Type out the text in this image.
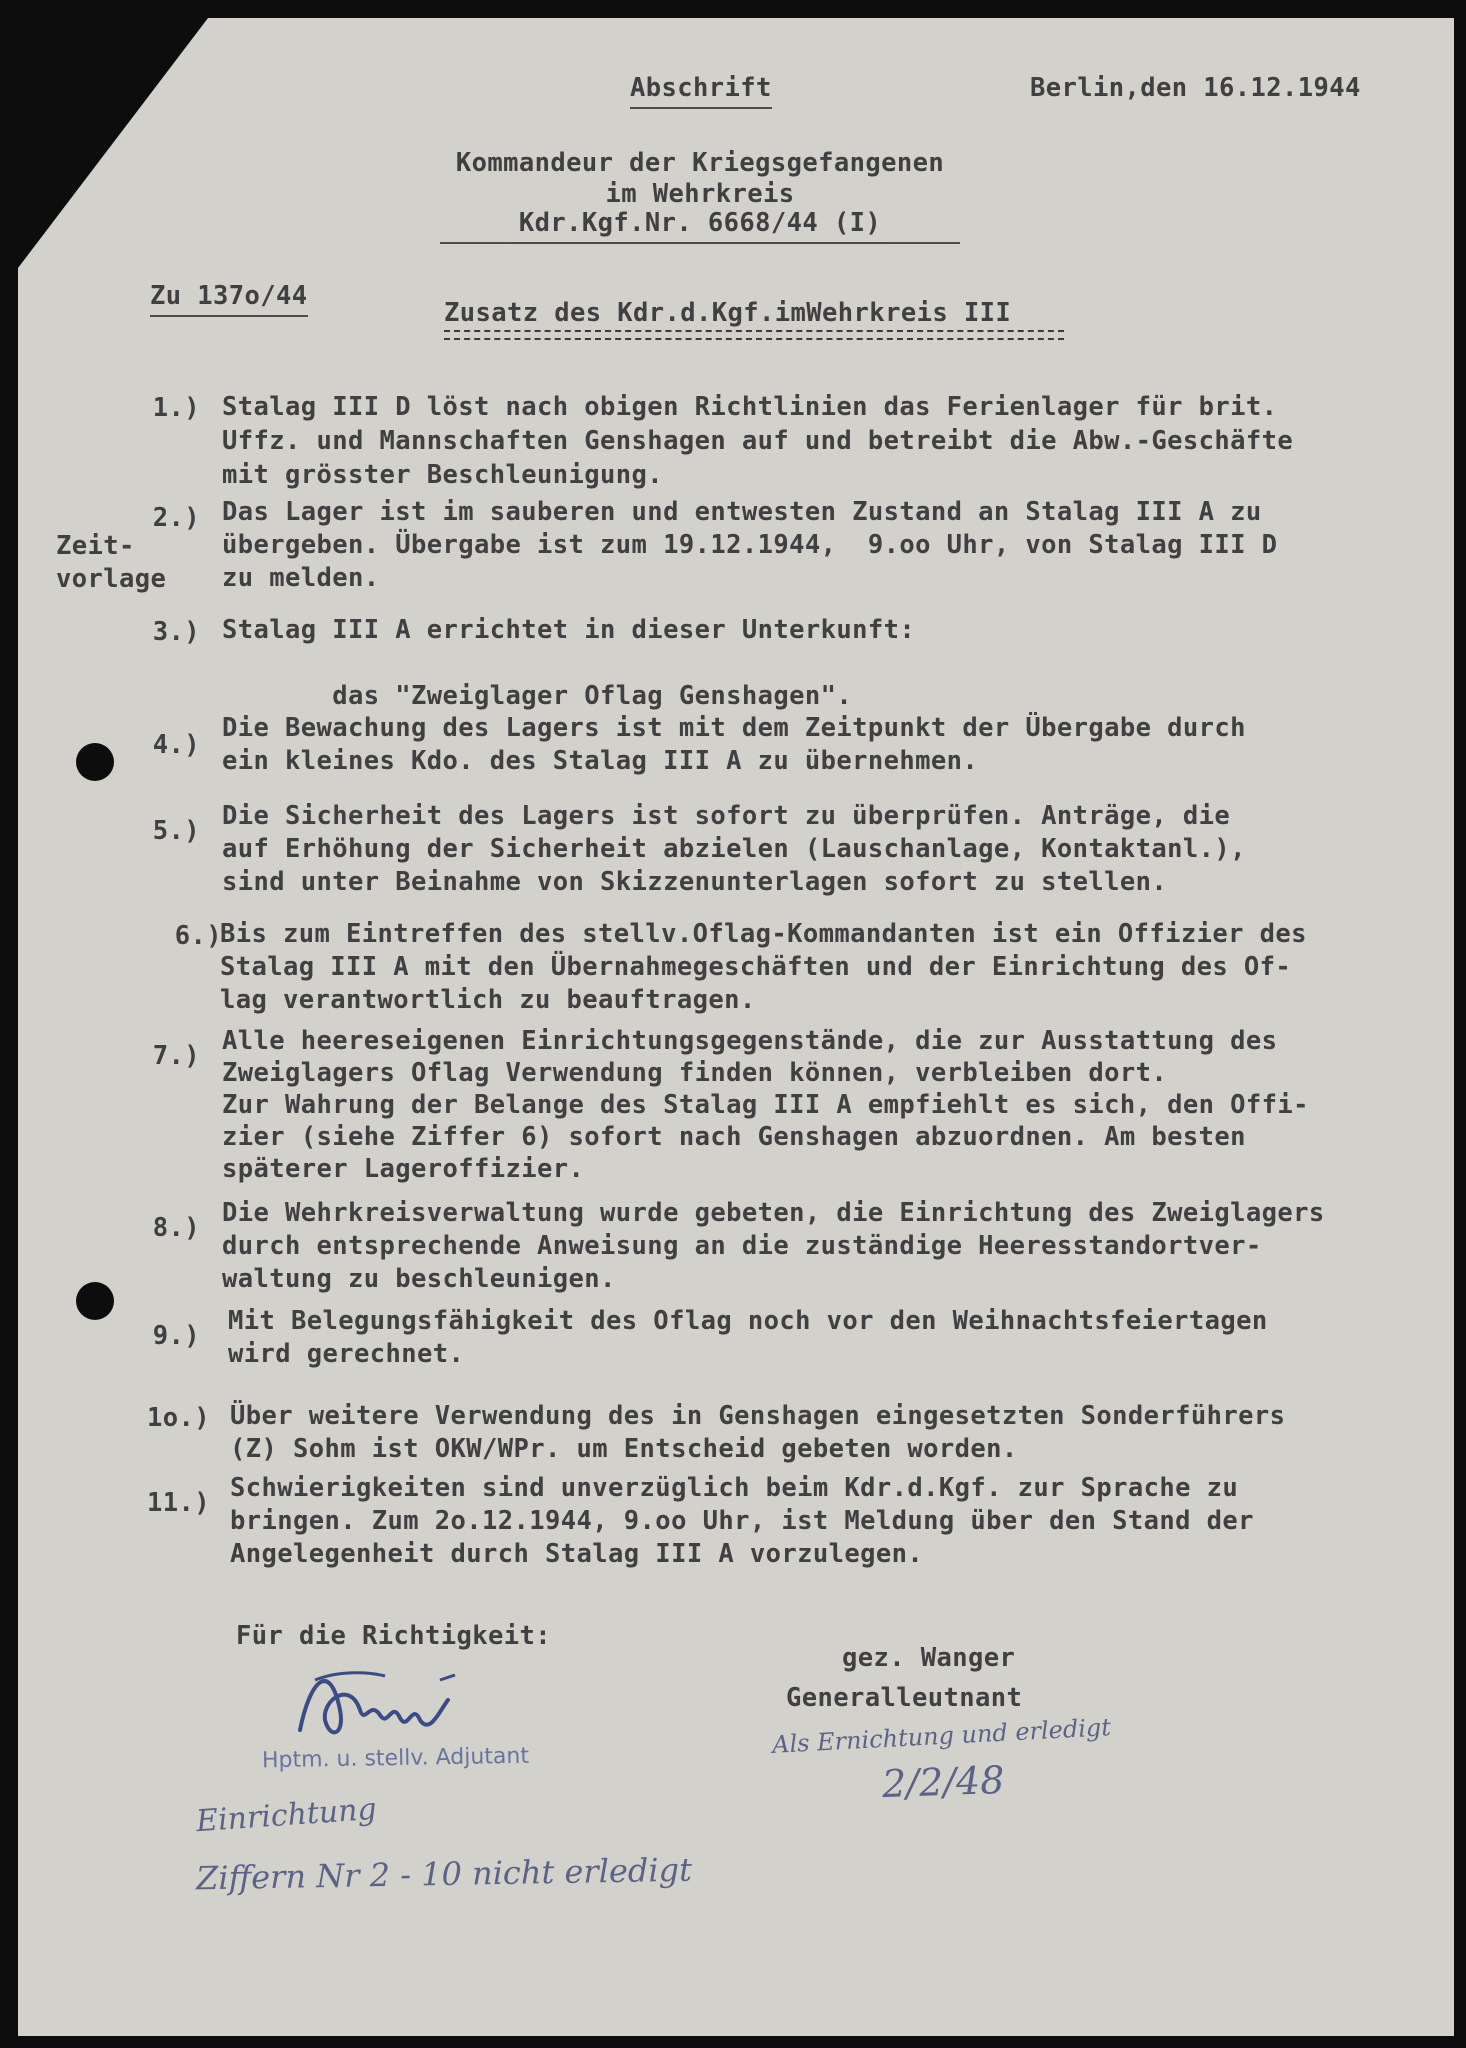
Abschrift	Berlin,den 16.12.1944
Kommandeur der Kriegsgefangenen
im Wehrkreis
Kdr.Kgf.Nr. 6668/44 (I)
Zu 137o/44
Zusatz des Kdr.d.Kgf.imWehrkreis III
Zeit-
vorlage
1.) Stalag III D löst nach obigen Richtlinien das Ferienlager für brit.
Uffz. und Mannschaften Genshagen auf und betreibt die Abw.-Geschäfte
mit grösster Beschleunigung.
2.) Das Lager ist im sauberen und entwesten Zustand an Stalag III A zu
übergeben. Übergabe ist zum 19.12.1944,  9.oo Uhr, von Stalag III D
zu melden.
3.) Stalag III A errichtet in dieser Unterkunft:

das "Zweiglager Oflag Genshagen".
4.)
Die Bewachung des Lagers ist mit dem Zeitpunkt der Übergabe durch
ein kleines Kdo. des Stalag III A zu übernehmen.
5.) Die Sicherheit des Lagers ist sofort zu überprüfen. Anträge, die
auf Erhöhung der Sicherheit abzielen (Lauschanlage, Kontaktanl.),
sind unter Beinahme von Skizzenunterlagen sofort zu stellen.
6.)
Bis zum Eintreffen des stellv.Oflag-Kommandanten ist ein Offizier des
Stalag III A mit den Übernahmegeschäften und der Einrichtung des Of-
lag verantwortlich zu beauftragen.
7.) Alle heereseigenen Einrichtungsgegenstände, die zur Ausstattung des
Zweiglagers Oflag Verwendung finden können, verbleiben dort.
Zur Wahrung der Belange des Stalag III A empfiehlt es sich, den Offi-
zier (siehe Ziffer 6) sofort nach Genshagen abzuordnen. Am besten
späterer Lageroffizier.
8.) Die Wehrkreisverwaltung wurde gebeten, die Einrichtung des Zweiglagers
durch entsprechende Anweisung an die zuständige Heeresstandortver-
waltung zu beschleunigen.
9.) Mit Belegungsfähigkeit des Oflag noch vor den Weihnachtsfeiertagen
wird gerechnet.
1o.) Über weitere Verwendung des in Genshagen eingesetzten Sonderführers
(Z) Sohm ist OKW/WPr. um Entscheid gebeten worden.
11.) Schwierigkeiten sind unverzüglich beim Kdr.d.Kgf. zur Sprache zu
bringen. Zum 2o.12.1944, 9.oo Uhr, ist Meldung über den Stand der
Angelegenheit durch Stalag III A vorzulegen.
Für die Richtigkeit:
gez. Wanger
Generalleutnant
Hptm. u. stellv. Adjutant	Als Ernichtung und erledigt
2/2/48
Einrichtung
Ziffern Nr 2 - 10 nicht erledigt
